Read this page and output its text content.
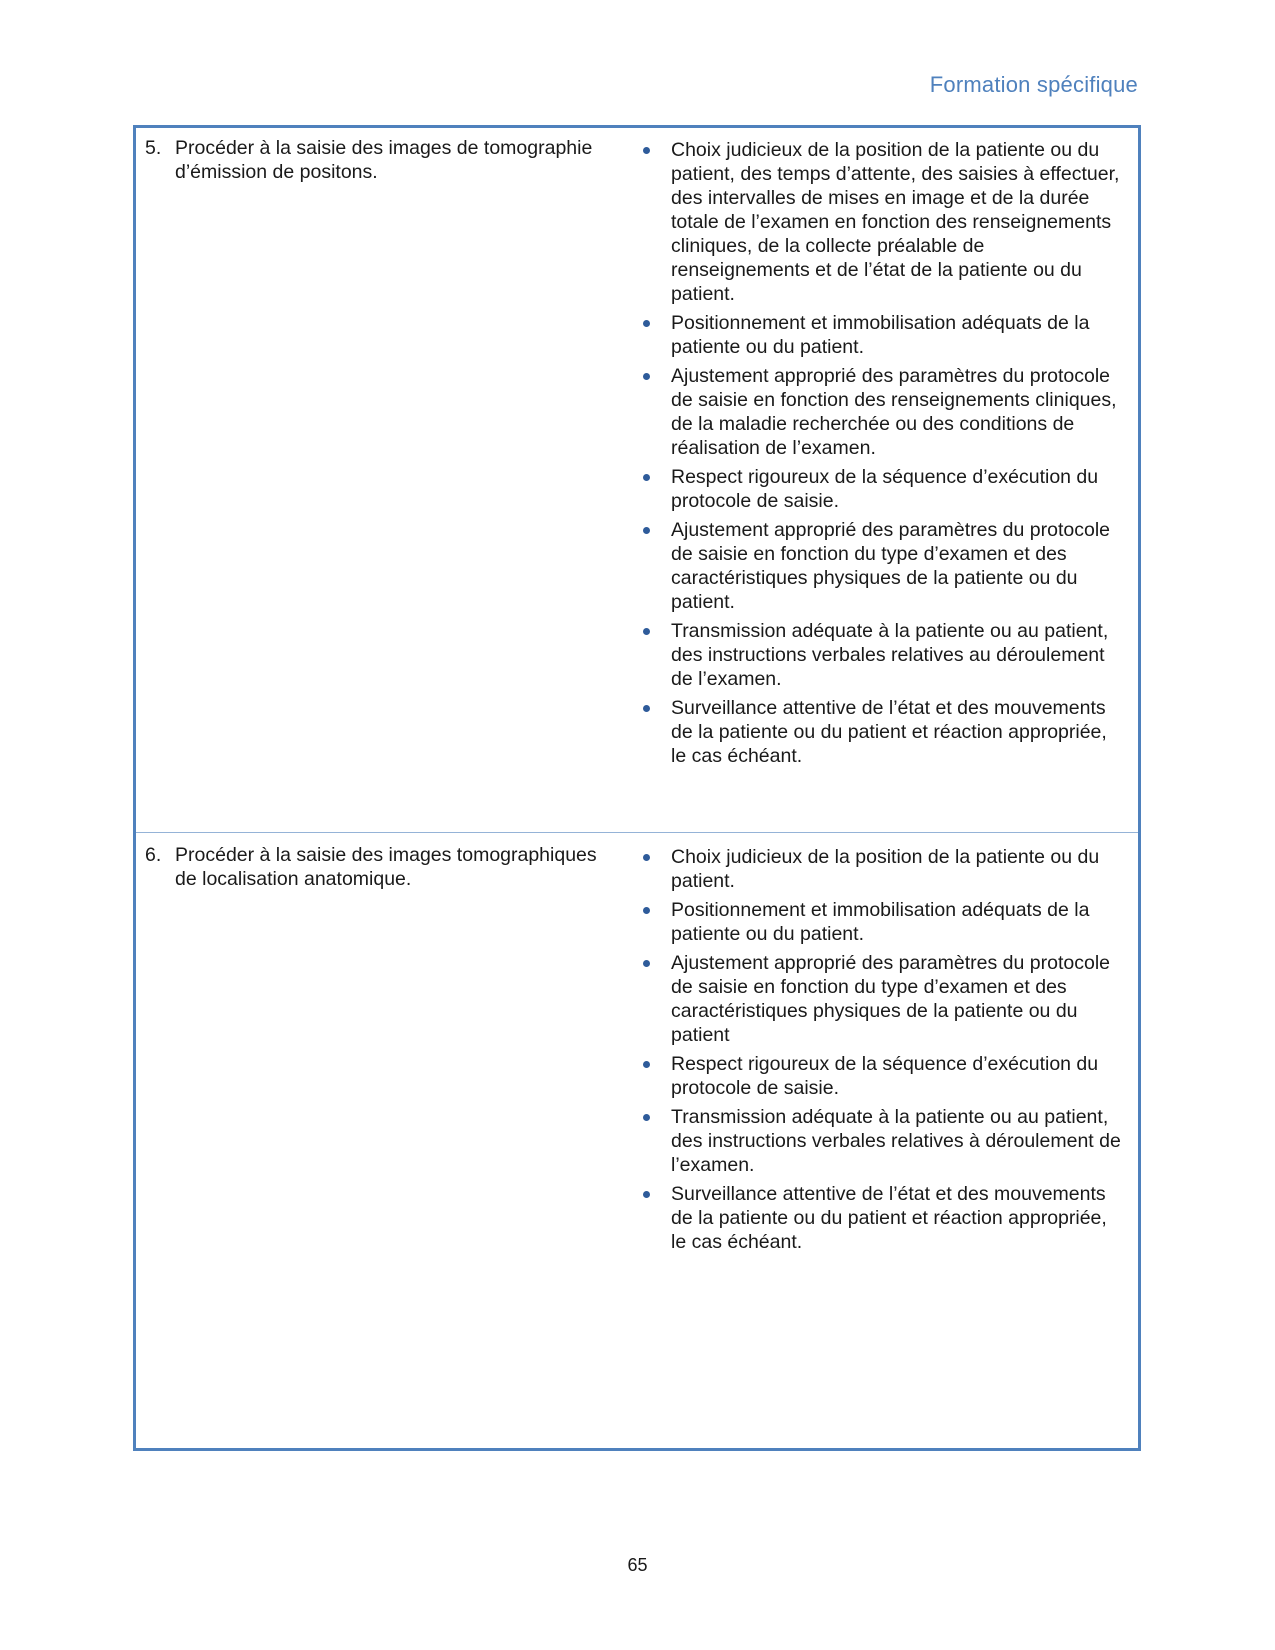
Formation spécifique
5. Procéder à la saisie des images de tomographie d’émission de positons.
Choix judicieux de la position de la patiente ou du patient, des temps d’attente, des saisies à effectuer, des intervalles de mises en image et de la durée totale de l’examen en fonction des renseignements cliniques, de la collecte préalable de renseignements et de l’état de la patiente ou du patient.
Positionnement et immobilisation adéquats de la patiente ou du patient.
Ajustement approprié des paramètres du protocole de saisie en fonction des renseignements cliniques, de la maladie recherchée ou des conditions de réalisation de l’examen.
Respect rigoureux de la séquence d’exécution du protocole de saisie.
Ajustement approprié des paramètres du protocole de saisie en fonction du type d’examen et des caractéristiques physiques de la patiente ou du patient.
Transmission adéquate à la patiente ou au patient, des instructions verbales relatives au déroulement de l’examen.
Surveillance attentive de l’état et des mouvements de la patiente ou du patient et réaction appropriée, le cas échéant.
6. Procéder à la saisie des images tomographiques de localisation anatomique.
Choix judicieux de la position de la patiente ou du patient.
Positionnement et immobilisation adéquats de la patiente ou du patient.
Ajustement approprié des paramètres du protocole de saisie en fonction du type d’examen et des caractéristiques physiques de la patiente ou du patient
Respect rigoureux de la séquence d’exécution du protocole de saisie.
Transmission adéquate à la patiente ou au patient, des instructions verbales relatives à déroulement de l’examen.
Surveillance attentive de l’état et des mouvements de la patiente ou du patient et réaction appropriée, le cas échéant.
65
